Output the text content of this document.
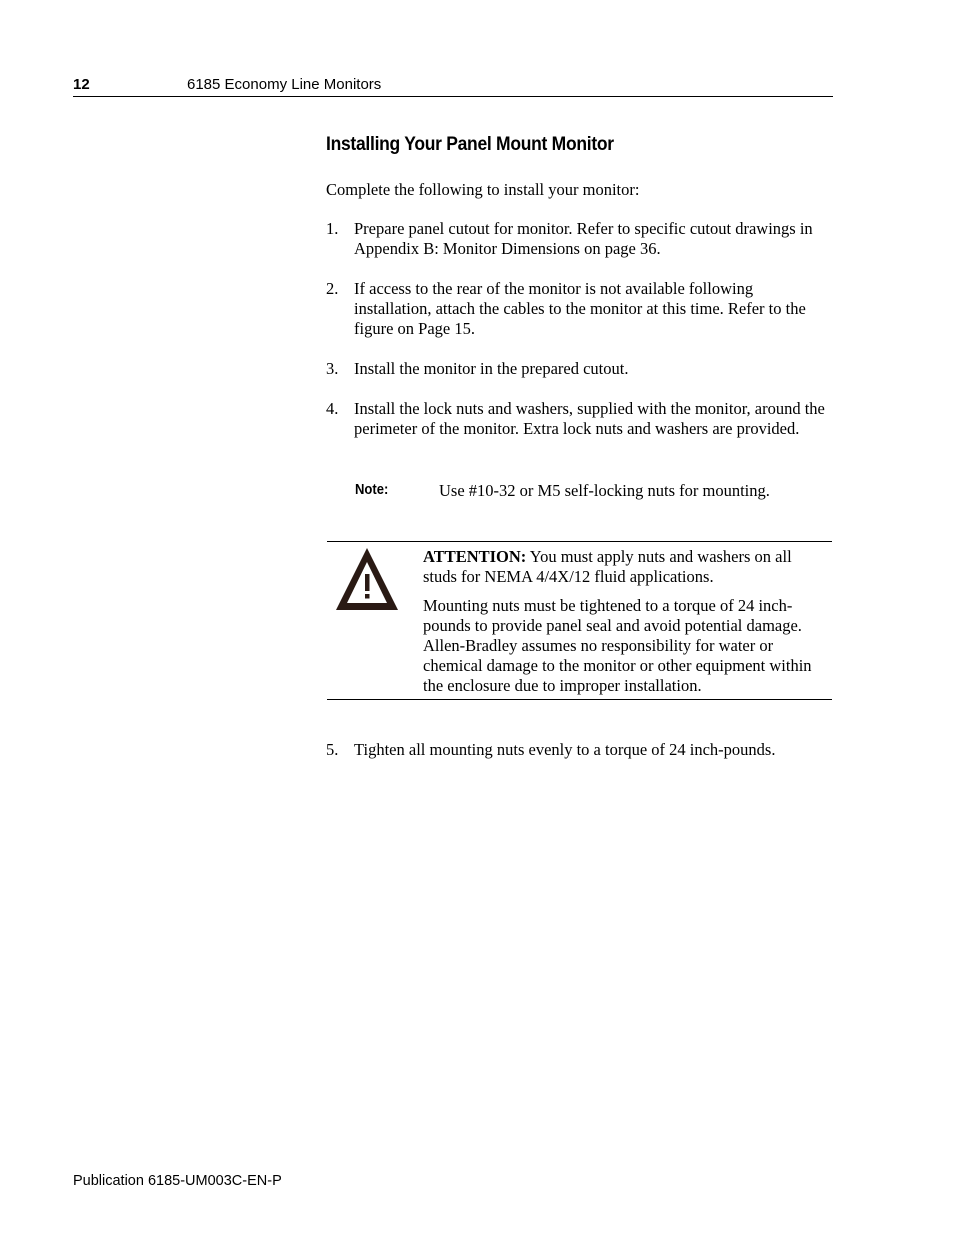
12	6185 Economy Line Monitors
Installing Your Panel Mount Monitor
Complete the following to install your monitor:
1. Prepare panel cutout for monitor. Refer to specific cutout drawings in Appendix B: Monitor Dimensions on page 36.
2. If access to the rear of the monitor is not available following installation, attach the cables to the monitor at this time. Refer to the figure on Page 15.
3. Install the monitor in the prepared cutout.
4. Install the lock nuts and washers, supplied with the monitor, around the perimeter of the monitor. Extra lock nuts and washers are provided.
Note:	Use #10-32 or M5 self-locking nuts for mounting.

ATTENTION: You must apply nuts and washers on all studs for NEMA 4/4X/12 fluid applications.

Mounting nuts must be tightened to a torque of 24 inch-pounds to provide panel seal and avoid potential damage. Allen-Bradley assumes no responsibility for water or chemical damage to the monitor or other equipment within the enclosure due to improper installation.

5. Tighten all mounting nuts evenly to a torque of 24 inch-pounds.
Publication 6185-UM003C-EN-P
